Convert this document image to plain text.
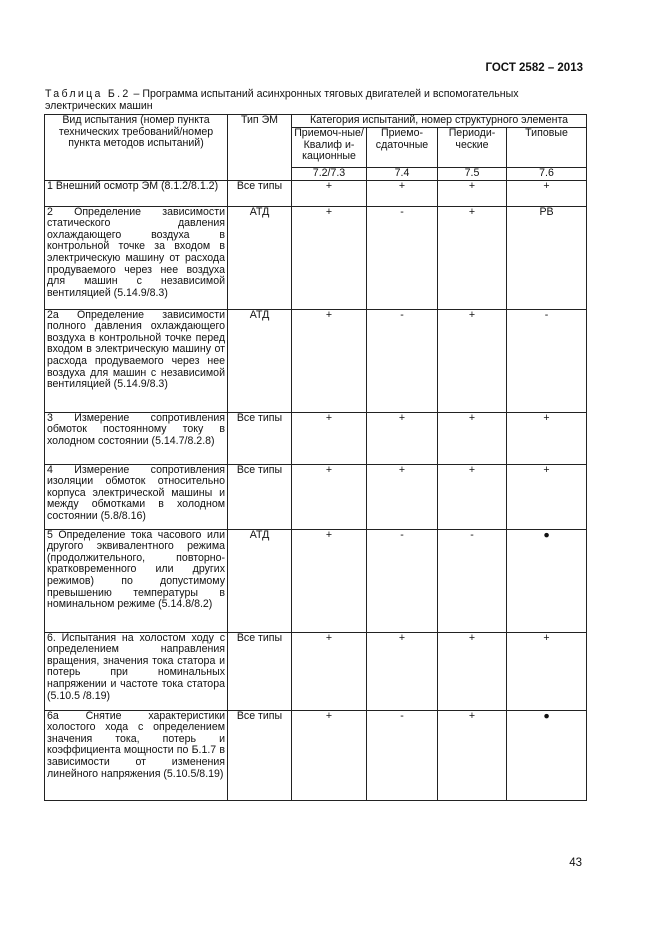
ГОСТ 2582 – 2013
Таблица Б.2 – Программа испытаний асинхронных тяговых двигателей и вспомогательных электрических машин
Вид испытания (номер пункта технических требований/номер пункта методов испытаний)	Тип ЭМ	Категория испытаний, номер структурного элемента			
		Приемоч-ные/Квалиф и-кационные	Приемо-сдаточные	Периоди-ческие	Типовые
		7.2/7.3	7.4	7.5	7.6
1 Внешний осмотр ЭМ (8.1.2/8.1.2)	Все типы	+	+	+	+
2 Определение зависимости статического давления охлаждающего воздуха в контрольной точке за входом в электрическую машину от расхода продуваемого через нее воздуха для машин с независимой вентиляцией (5.14.9/8.3)	АТД	+	-	+	РВ
2а Определение зависимости полного давления охлаждающего воздуха в контрольной точке перед входом в электрическую машину от расхода продуваемого через нее воздуха для машин с независимой вентиляцией (5.14.9/8.3)	АТД	+	-	+	-
3 Измерение сопротивления обмоток постоянному току в холодном состоянии (5.14.7/8.2.8)	Все типы	+	+	+	+
4 Измерение сопротивления изоляции обмоток относительно корпуса электрической машины и между обмотками в холодном состоянии (5.8/8.16)	Все типы	+	+	+	+
5 Определение тока часового или другого эквивалентного режима (продолжительного, повторно-кратковременного или других режимов) по допустимому превышению температуры в номинальном режиме (5.14.8/8.2)	АТД	+	-	-	●
6. Испытания на холостом ходу с определением направления вращения, значения тока статора и потерь при номинальных напряжении и частоте тока статора (5.10.5 /8.19)	Все типы	+	+	+	+
6а Снятие характеристики холостого хода с определением значения тока, потерь и коэффициента мощности по Б.1.7 в зависимости от изменения линейного напряжения (5.10.5/8.19)	Все типы	+	-	+	●
43
